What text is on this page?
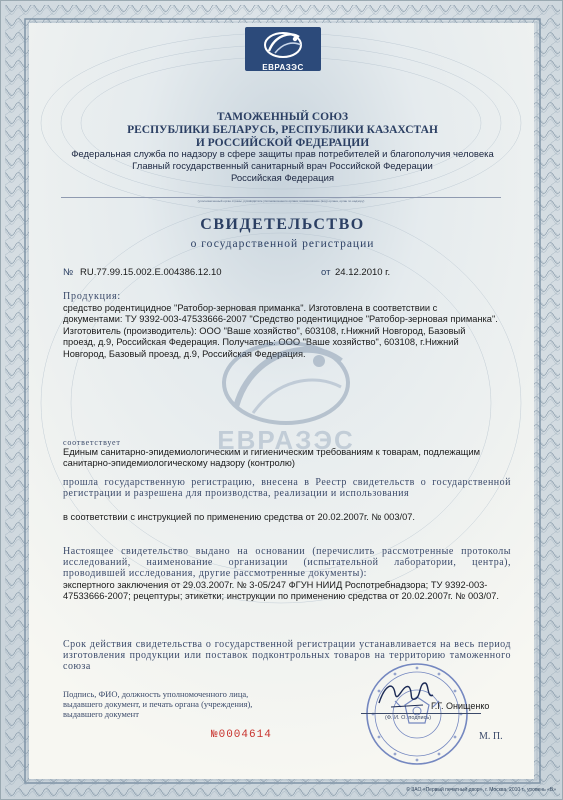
ЕВРАЗЭС
ТАМОЖЕННЫЙ СОЮЗ
РЕСПУБЛИКИ БЕЛАРУСЬ, РЕСПУБЛИКИ КАЗАХСТАН
И РОССИЙСКОЙ ФЕДЕРАЦИИ
Федеральная служба по надзору в сфере защиты прав потребителей и благополучия человека
Главный государственный санитарный врач Российской Федерации
Российская Федерация
(уполномоченный орган страны, руководитель уполномоченного органа, наименование (вид) органа, орган по надзору)
СВИДЕТЕЛЬСТВО
о государственной регистрации
№ RU.77.99.15.002.Е.004386.12.10	от 24.12.2010 г.
Продукция:
средство родентицидное "Ратобор-зерновая приманка". Изготовлена в соответствии с
документами: ТУ 9392-003-47533666-2007 "Средство родентицидное "Ратобор-зерновая приманка".
Изготовитель (производитель): ООО "Ваше хозяйство", 603108, г.Нижний Новгород, Базовый
проезд, д.9, Российская Федерация. Получатель: ООО "Ваше хозяйство", 603108, г.Нижний
Новгород, Базовый проезд, д.9, Российская Федерация.
ЕВРАЗЭС
соответствует
Единым санитарно-эпидемиологическим и гигиеническим требованиям к товарам, подлежащим
санитарно-эпидемиологическому надзору (контролю)
прошла государственную регистрацию, внесена в Реестр свидетельств о государственной регистрации и разрешена для производства, реализации и использования
в соответствии с инструкцией по применению средства от 20.02.2007г. № 003/07.
Настоящее свидетельство выдано на основании (перечислить рассмотренные протоколы исследований, наименование организации (испытательной лаборатории, центра), проводившей исследования, другие рассмотренные документы):
экспертного заключения от 29.03.2007г. № 3-05/247 ФГУН НИИД Роспотребнадзора; ТУ 9392-003-
47533666-2007; рецептуры; этикетки; инструкции по применению средства от 20.02.2007г. № 003/07.
Срок действия свидетельства о государственной регистрации устанавливается на весь период изготовления продукции или поставок подконтрольных товаров на территорию таможенного союза
Подпись, ФИО, должность уполномоченного лица, выдавшего документ, и печать органа (учреждения), выдавшего документ
Г.Г. Онищенко
(Ф. И. О. подпись)
№0004614	М. П.
© ЗАО «Первый печатный двор», г. Москва, 2010 г., уровень «В»
